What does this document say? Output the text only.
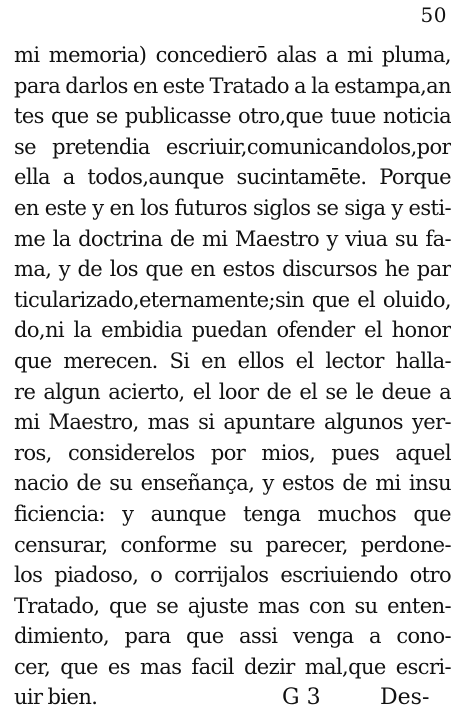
50
mi memoria) concedierō alas a mi pluma,
para darlos en este Tratado a la estampa,an
tes que se publicasse otro,que tuue noticia
se pretendia escriuir,comunicandolos,por
ella a todos,aunque sucintamēte. Porque
en este y en los futuros siglos se siga y esti-
me la doctrina de mi Maestro y viua su fa-
ma, y de los que en estos discursos he par
ticularizado,eternamente;sin que el oluido,
do,ni la embidia puedan ofender el honor
que merecen. Si en ellos el lector halla-
re algun acierto, el loor de el se le deue a
mi Maestro, mas si apuntare algunos yer-
ros, considerelos por mios, pues aquel
nacio de su enseñança, y estos de mi insu
ficiencia: y aunque tenga muchos que
censurar, conforme su parecer, perdone-
los piadoso, o corrijalos escriuiendo otro
Tratado, que se ajuste mas con su enten-
dimiento, para que assi venga a cono-
cer, que es mas facil dezir mal,que escri-
uir bien.	G 3	Des-
